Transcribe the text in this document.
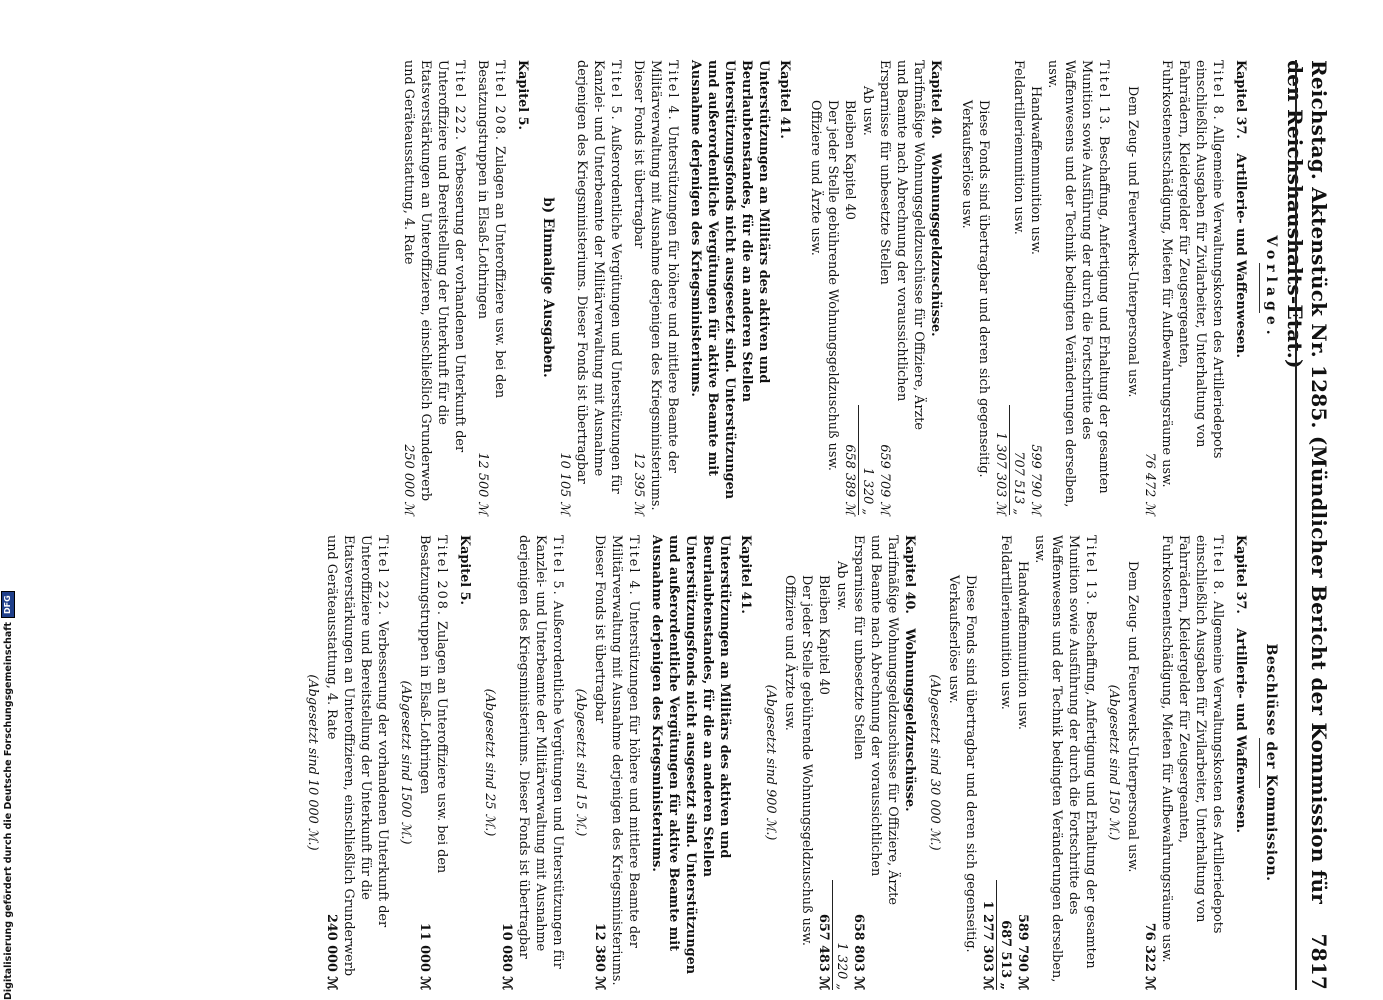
Reichstag. Aktenstück Nr. 1285. (Mündlicher Bericht der Kommission für den Reichshaushalts-Etat.)
7817
Vorlage.
Kapitel 37. Artillerie- und Waffenwesen.
Titel 8. Allgemeine Verwaltungskosten des Artilleriedepots einschließlich Ausgaben für Zivilarbeiter, Unterhaltung von Fahrrädern, Kleidergelder für Zeugsergeanten, Fuhrkostenentschädigung, Mieten für Aufbewahrungsräume usw.
76 472 ℳ
Dem Zeug- und Feuerwerks-Unterpersonal usw.
Titel 13. Beschaffung, Anfertigung und Erhaltung der gesamten Munition sowie Ausführung der durch die Fortschritte des Waffenwesens und der Technik bedingten Veränderungen derselben, usw.
Handwaffenmunition usw.
599 790 ℳ
Feldartilleriemunition usw.
707 513 „
1 307 303 ℳ
Diese Fonds sind übertragbar und deren sich gegenseitig.
Verkaufserlöse usw.
Kapitel 40. Wohnungsgeldzuschüsse.
Tarifmäßige Wohnungsgeldzuschüsse für Offiziere, Ärzte und Beamte nach Abrechnung der voraussichtlichen Ersparnisse für unbesetzte Stellen
659 709 ℳ
Ab usw.
1 320 „
Bleiben Kapitel 40
658 389 ℳ
Der jeder Stelle gebührende Wohnungsgeldzuschuß usw.
Offiziere und Ärzte usw.
Kapitel 41.
Unterstützungen an Militärs des aktiven und Beurlaubtenstandes, für die an anderen Stellen Unterstützungsfonds nicht ausgesetzt sind. Unterstützungen und außerordentliche Vergütungen für aktive Beamte mit Ausnahme derjenigen des Kriegsministeriums.
Titel 4. Unterstützungen für höhere und mittlere Beamte der Militärverwaltung mit Ausnahme derjenigen des Kriegsministeriums. Dieser Fonds ist übertragbar
12 395 ℳ
Titel 5. Außerordentliche Vergütungen und Unterstützungen für Kanzlei- und Unterbeamte der Militärverwaltung mit Ausnahme derjenigen des Kriegsministeriums. Dieser Fonds ist übertragbar
10 105 ℳ
b) Einmalige Ausgaben.
Kapitel 5.
Titel 208. Zulagen an Unteroffiziere usw. bei den Besatzungstruppen in Elsaß-Lothringen
12 500 ℳ
Titel 222. Verbesserung der vorhandenen Unterkunft der Unteroffiziere und Bereitstellung der Unterkunft für die Etatsverstärkungen an Unteroffizieren, einschließlich Grunderwerb und Geräteausstattung, 4. Rate
250 000 ℳ
Beschlüsse der Kommission.
Kapitel 37. Artillerie- und Waffenwesen.
Titel 8. Allgemeine Verwaltungskosten des Artilleriedepots einschließlich Ausgaben für Zivilarbeiter, Unterhaltung von Fahrrädern, Kleidergelder für Zeugsergeanten, Fuhrkostenentschädigung, Mieten für Aufbewahrungsräume usw.
76 322 ℳ
Dem Zeug- und Feuerwerks-Unterpersonal usw.
(Abgesetzt sind 150 ℳ.)
Titel 13. Beschaffung, Anfertigung und Erhaltung der gesamten Munition sowie Ausführung der durch die Fortschritte des Waffenwesens und der Technik bedingten Veränderungen derselben, usw.
Handwaffenmunition usw.
589 790 ℳ
Feldartilleriemunition usw.
687 513 „
1 277 303 ℳ
Diese Fonds sind übertragbar und deren sich gegenseitig.
Verkaufserlöse usw.
(Abgesetzt sind 30 000 ℳ.)
Kapitel 40. Wohnungsgeldzuschüsse.
Tarifmäßige Wohnungsgeldzuschüsse für Offiziere, Ärzte und Beamte nach Abrechnung der voraussichtlichen Ersparnisse für unbesetzte Stellen
658 803 ℳ
Ab usw.
1 320 „
Bleiben Kapitel 40
657 483 ℳ
Der jeder Stelle gebührende Wohnungsgeldzuschuß usw.
Offiziere und Ärzte usw.
(Abgesetzt sind 900 ℳ.)
Kapitel 41.
Unterstützungen an Militärs des aktiven und Beurlaubtenstandes, für die an anderen Stellen Unterstützungsfonds nicht ausgesetzt sind. Unterstützungen und außerordentliche Vergütungen für aktive Beamte mit Ausnahme derjenigen des Kriegsministeriums.
Titel 4. Unterstützungen für höhere und mittlere Beamte der Militärverwaltung mit Ausnahme derjenigen des Kriegsministeriums. Dieser Fonds ist übertragbar
12 380 ℳ
(Abgesetzt sind 15 ℳ.)
Titel 5. Außerordentliche Vergütungen und Unterstützungen für Kanzlei- und Unterbeamte der Militärverwaltung mit Ausnahme derjenigen des Kriegsministeriums. Dieser Fonds ist übertragbar
10 080 ℳ
(Abgesetzt sind 25 ℳ.)
Kapitel 5.
Titel 208. Zulagen an Unteroffiziere usw. bei den Besatzungstruppen in Elsaß-Lothringen
11 000 ℳ
(Abgesetzt sind 1500 ℳ.)
Titel 222. Verbesserung der vorhandenen Unterkunft der Unteroffiziere und Bereitstellung der Unterkunft für die Etatsverstärkungen an Unteroffizieren, einschließlich Grunderwerb und Geräteausstattung, 4. Rate
240 000 ℳ
(Abgesetzt sind 10 000 ℳ.)
Digitalisierung gefördert durch die Deutsche Forschungsgemeinschaft
DFG
